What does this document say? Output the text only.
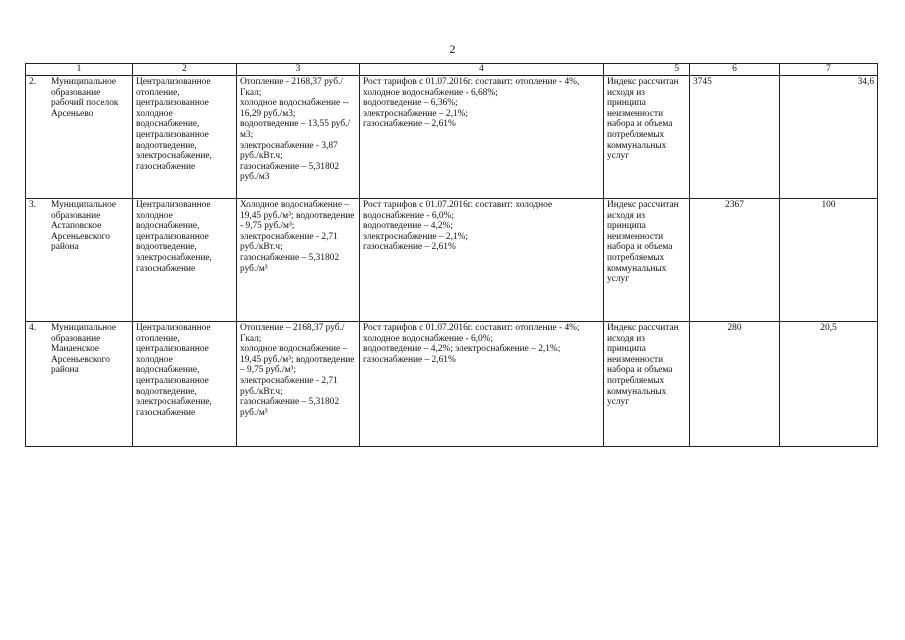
2
1	2	3	4	5	6	7

2. Муниципальное образование рабочий поселок Арсеньево	Централизованное отопление, централизованное холодное водоснабжение, централизованное водоотведение, электроснабжение, газоснабжение	Отопление - 2168,37 руб./Гкал;
холодное водоснабжение -- 16,29 руб./м3; водоотведение – 13,55 руб./м3;
электроснабжение - 3,87 руб./кВт.ч;
газоснабжение – 5,31802 руб./м3	Рост тарифов с 01.07.2016г. составит: отопление - 4%,
холодное водоснабжение - 6,68%;
водоотведение – 6,36%;
электроснабжение – 2,1%;
газоснабжение – 2,61%	Индекс рассчитан исходя из принципа неизменности набора и объема потребляемых коммунальных услуг	3745	34,6

3. Муниципальное образование Астаповское Арсеньевского района	Централизованное холодное водоснабжение, централизованное водоотведение, электроснабжение, газоснабжение	Холодное водоснабжение – 19,45 руб./м³; водоотведение - 9,75 руб./м³;
электроснабжение - 2,71 руб./кВт.ч;
газоснабжение – 5,31802 руб./м³	Рост тарифов с 01.07.2016г. составит: холодное водоснабжение - 6,0%;
водоотведение – 4,2%;
электроснабжение – 2,1%;
газоснабжение – 2,61%	Индекс рассчитан исходя из принципа неизменности набора и объема потребляемых коммунальных услуг	2367	100

4. Муниципальное образование Манаенское Арсеньевского района	Централизованное отопление, централизованное холодное водоснабжение, централизованное водоотведение, электроснабжение, газоснабжение	Отопление – 2168,37 руб./Гкал;
холодное водоснабжение – 19,45 руб./м³; водоотведение – 9,75 руб./м³;
электроснабжение - 2,71 руб./кВт.ч;
газоснабжение – 5,31802 руб./м³	Рост тарифов с 01.07.2016г. составит: отопление - 4%; холодное водоснабжение - 6,0%;
водоотведение – 4,2%; электроснабжение – 2,1%;
газоснабжение – 2,61%	Индекс рассчитан исходя из принципа неизменности набора и объема потребляемых коммунальных услуг	280	20,5
